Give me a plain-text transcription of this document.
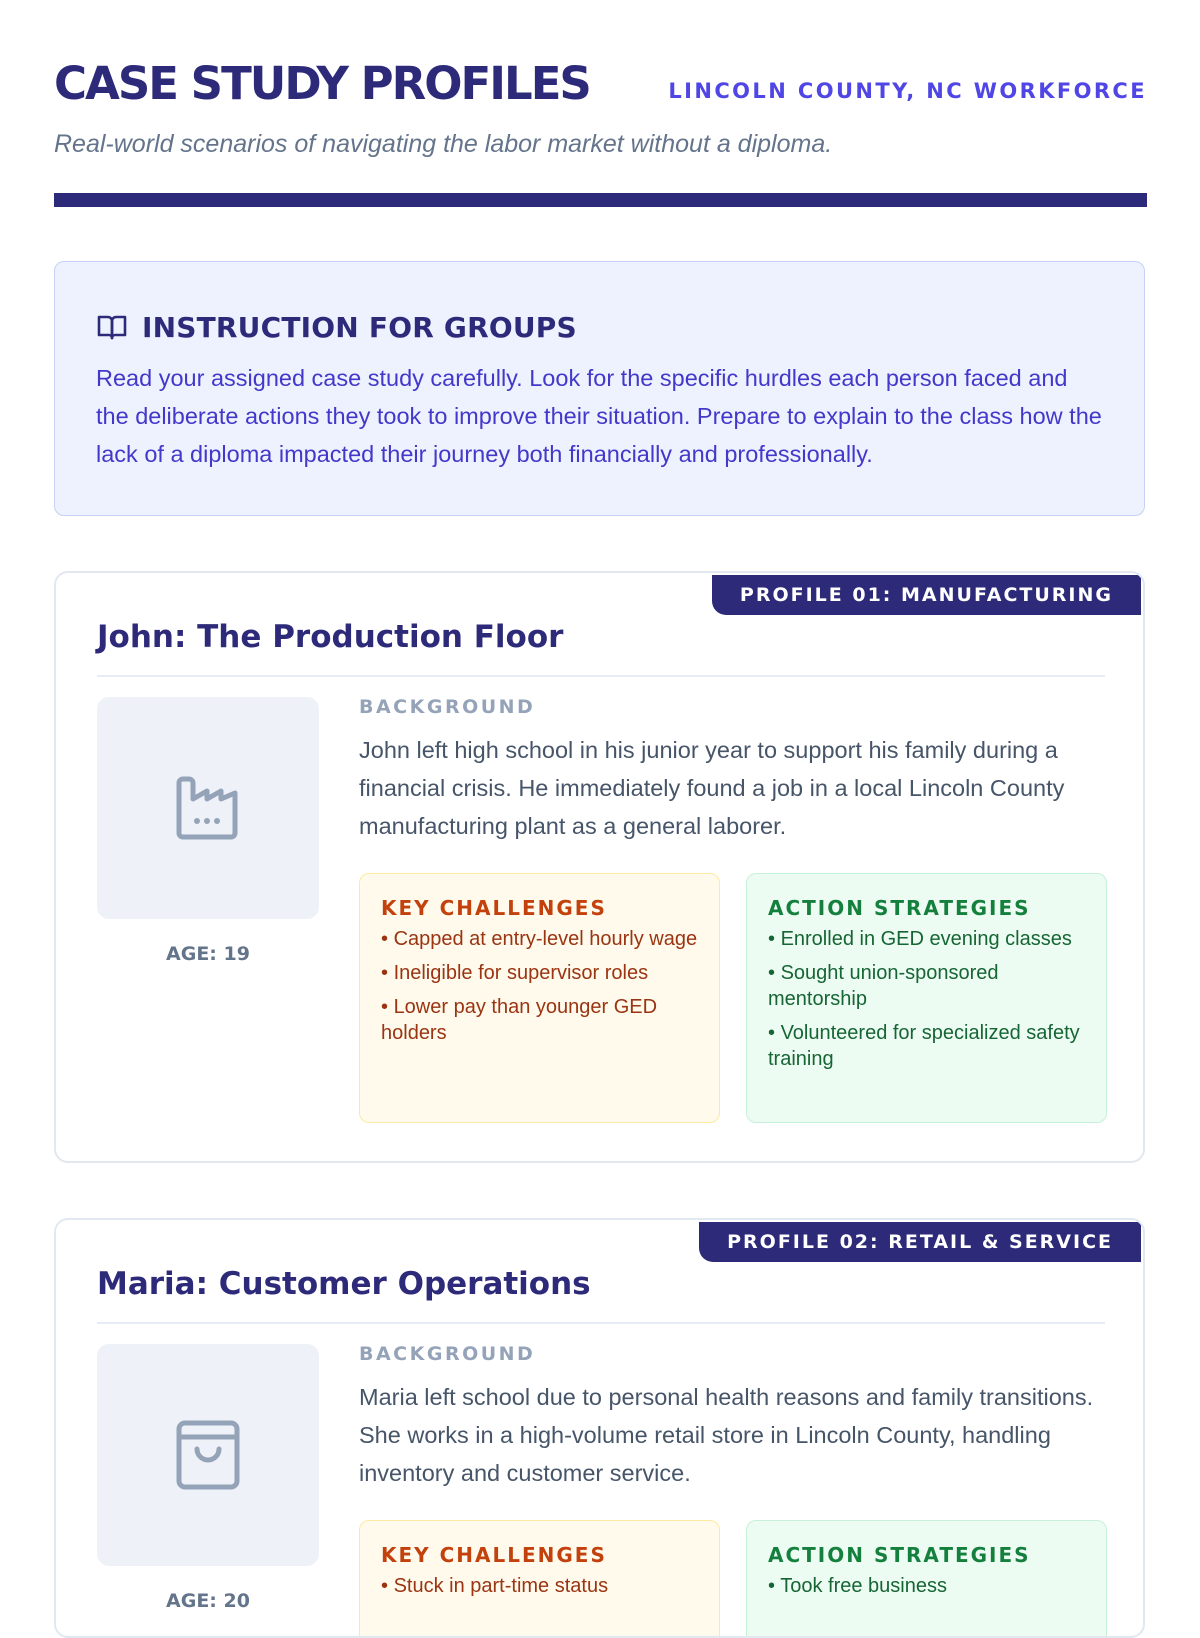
CASE STUDY PROFILES	LINCOLN COUNTY, NC WORKFORCE

Real-world scenarios of navigating the labor market without a diploma.

INSTRUCTION FOR GROUPS

Read your assigned case study carefully. Look for the specific hurdles each person faced and the deliberate actions they took to improve their situation. Prepare to explain to the class how the lack of a diploma impacted their journey both financially and professionally.

PROFILE 01: MANUFACTURING
John: The Production Floor
AGE: 19
BACKGROUND

John left high school in his junior year to support his family during a financial crisis. He immediately found a job in a local Lincoln County manufacturing plant as a general laborer.

KEY CHALLENGES
• Capped at entry-level hourly wage
• Ineligible for supervisor roles
• Lower pay than younger GED holders
ACTION STRATEGIES
• Enrolled in GED evening classes
• Sought union-sponsored mentorship
• Volunteered for specialized safety training
PROFILE 02: RETAIL & SERVICE
Maria: Customer Operations
AGE: 20
BACKGROUND

Maria left school due to personal health reasons and family transitions. She works in a high-volume retail store in Lincoln County, handling inventory and customer service.

KEY CHALLENGES
• Stuck in part-time status
ACTION STRATEGIES
• Took free business
